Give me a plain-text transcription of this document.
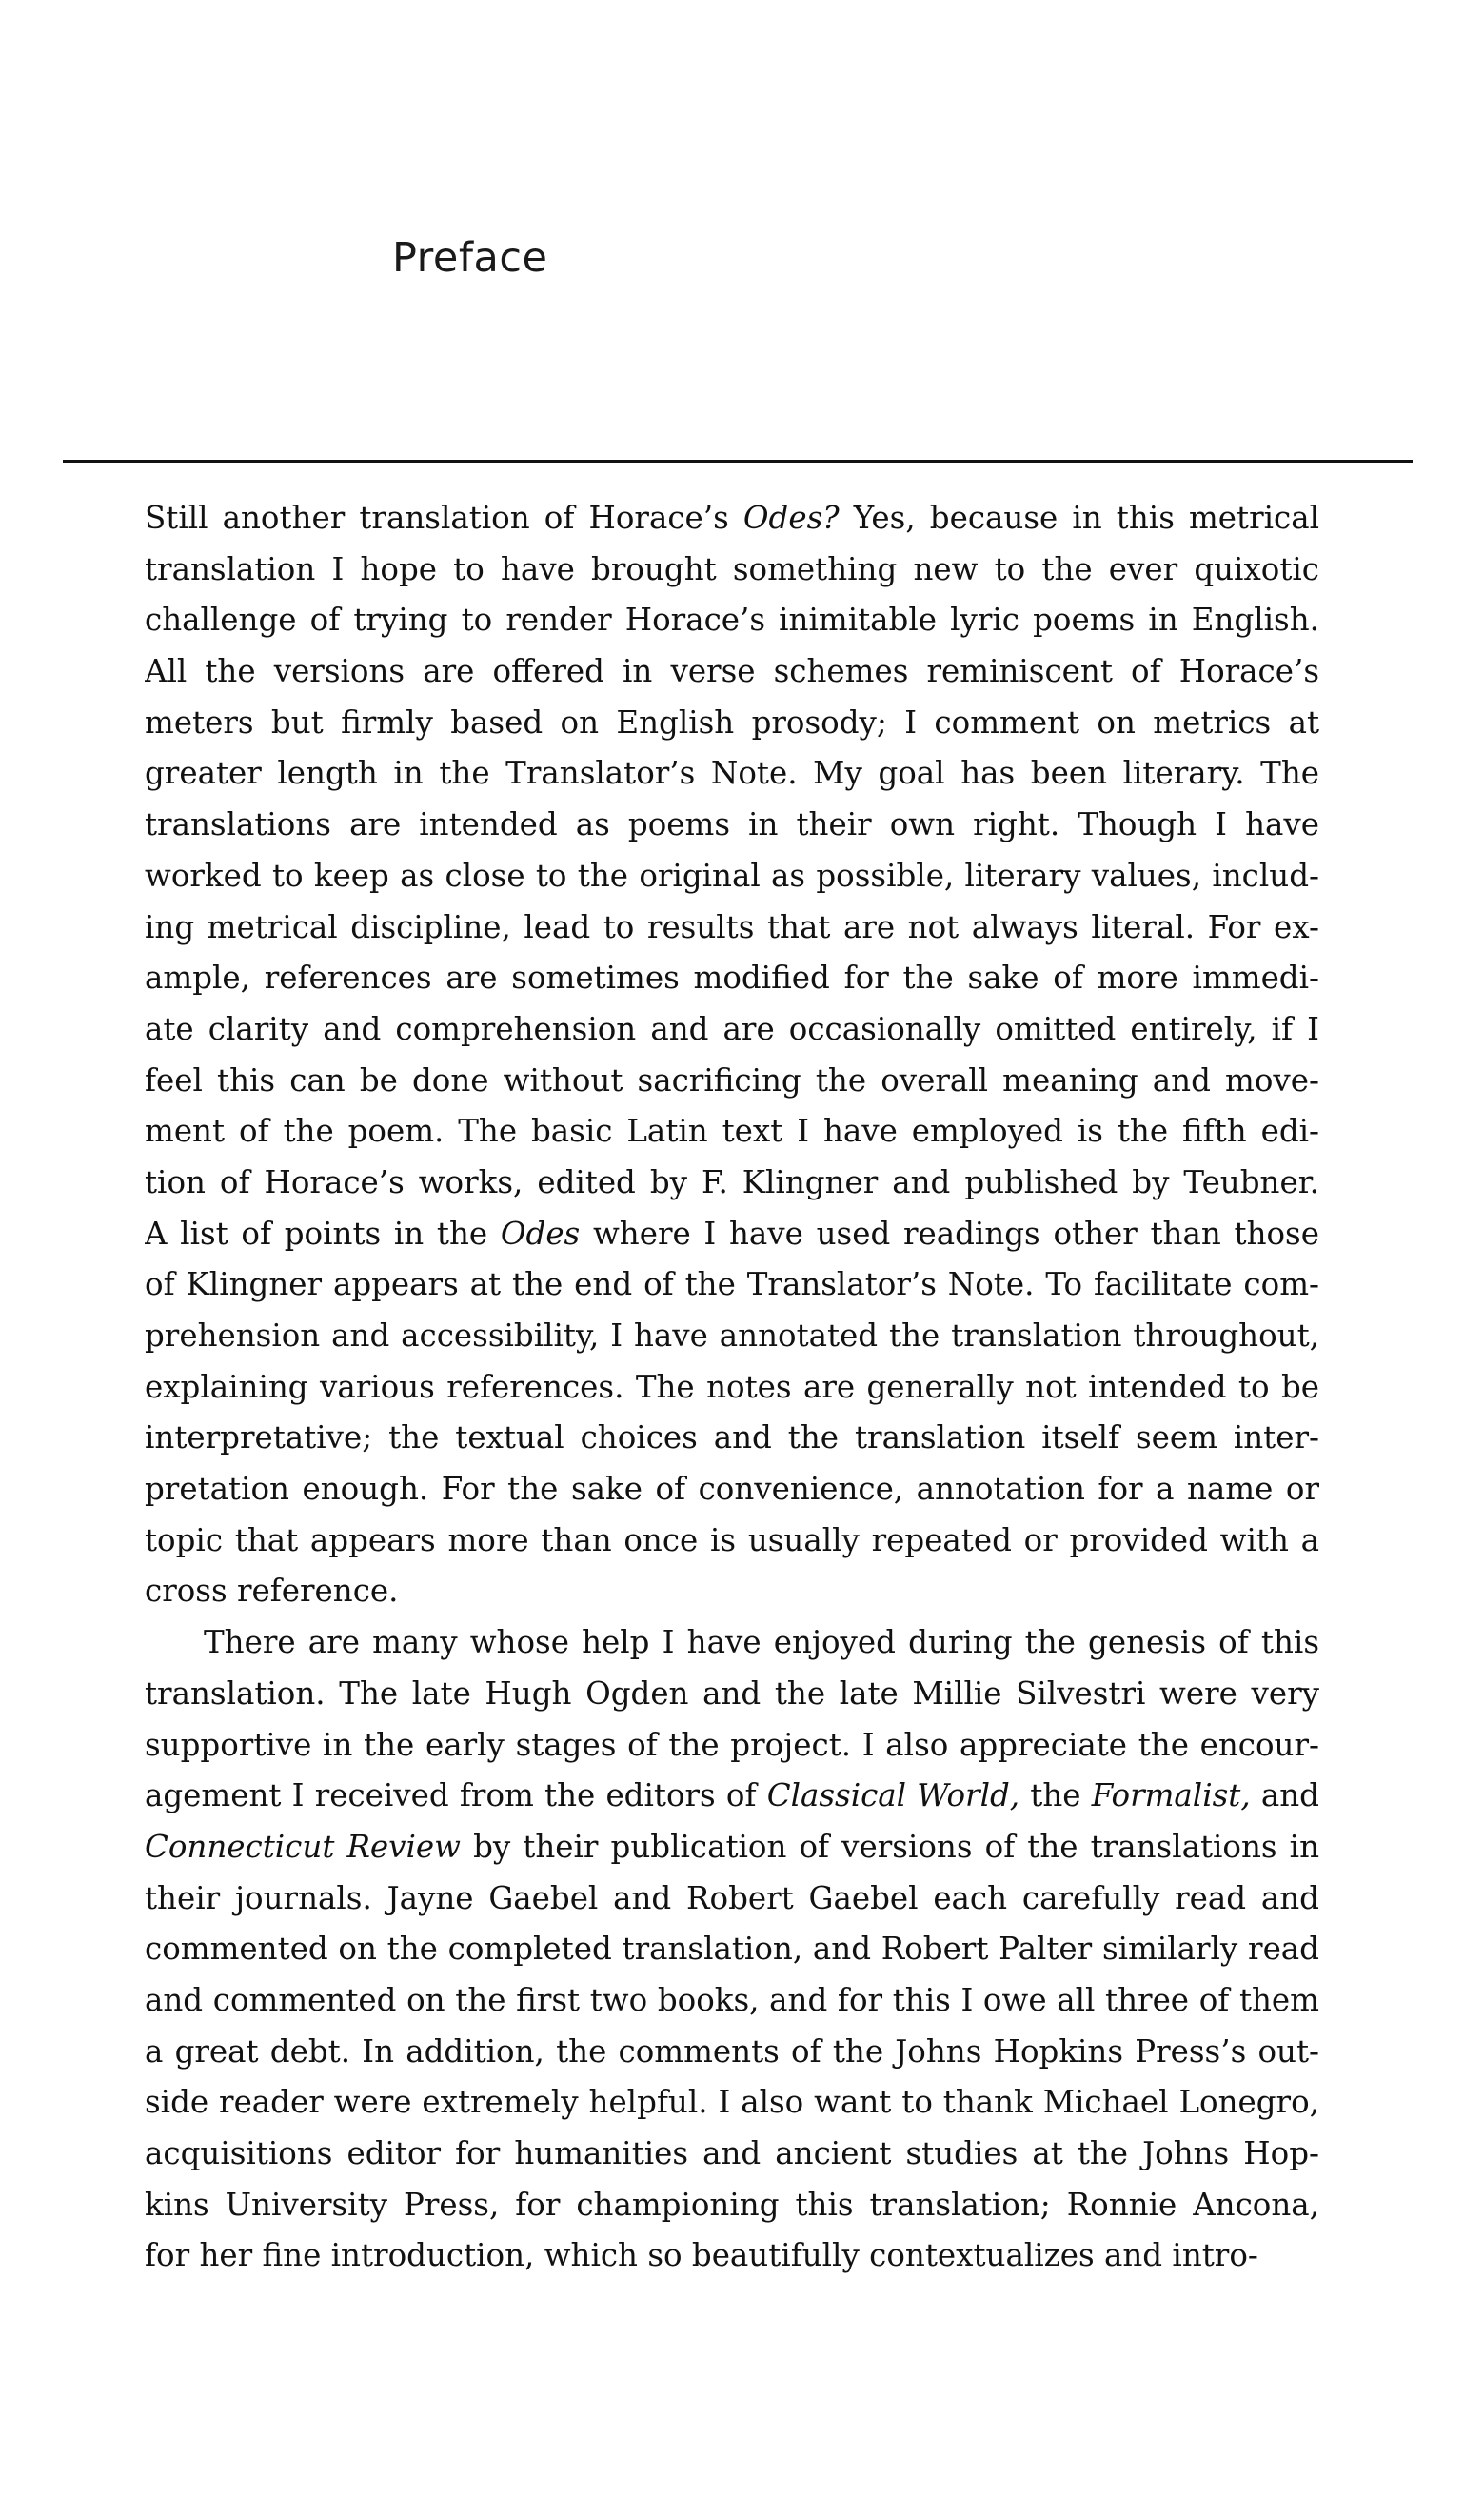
Preface
Still another translation of Horace’s Odes? Yes, because in this metrical
translation I hope to have brought something new to the ever quixotic
challenge of trying to render Horace’s inimitable lyric poems in English.
All the versions are offered in verse schemes reminiscent of Horace’s
meters but firmly based on English prosody; I comment on metrics at
greater length in the Translator’s Note. My goal has been literary. The
translations are intended as poems in their own right. Though I have
worked to keep as close to the original as possible, literary values, includ-
ing metrical discipline, lead to results that are not always literal. For ex-
ample, references are sometimes modified for the sake of more immedi-
ate clarity and comprehension and are occasionally omitted entirely, if I
feel this can be done without sacrificing the overall meaning and move-
ment of the poem. The basic Latin text I have employed is the fifth edi-
tion of Horace’s works, edited by F. Klingner and published by Teubner.
A list of points in the Odes where I have used readings other than those
of Klingner appears at the end of the Translator’s Note. To facilitate com-
prehension and accessibility, I have annotated the translation throughout,
explaining various references. The notes are generally not intended to be
interpretative; the textual choices and the translation itself seem inter-
pretation enough. For the sake of convenience, annotation for a name or
topic that appears more than once is usually repeated or provided with a
cross reference.
There are many whose help I have enjoyed during the genesis of this
translation. The late Hugh Ogden and the late Millie Silvestri were very
supportive in the early stages of the project. I also appreciate the encour-
agement I received from the editors of Classical World, the Formalist, and
Connecticut Review by their publication of versions of the translations in
their journals. Jayne Gaebel and Robert Gaebel each carefully read and
commented on the completed translation, and Robert Palter similarly read
and commented on the first two books, and for this I owe all three of them
a great debt. In addition, the comments of the Johns Hopkins Press’s out-
side reader were extremely helpful. I also want to thank Michael Lonegro,
acquisitions editor for humanities and ancient studies at the Johns Hop-
kins University Press, for championing this translation; Ronnie Ancona,
for her fine introduction, which so beautifully contextualizes and intro-
